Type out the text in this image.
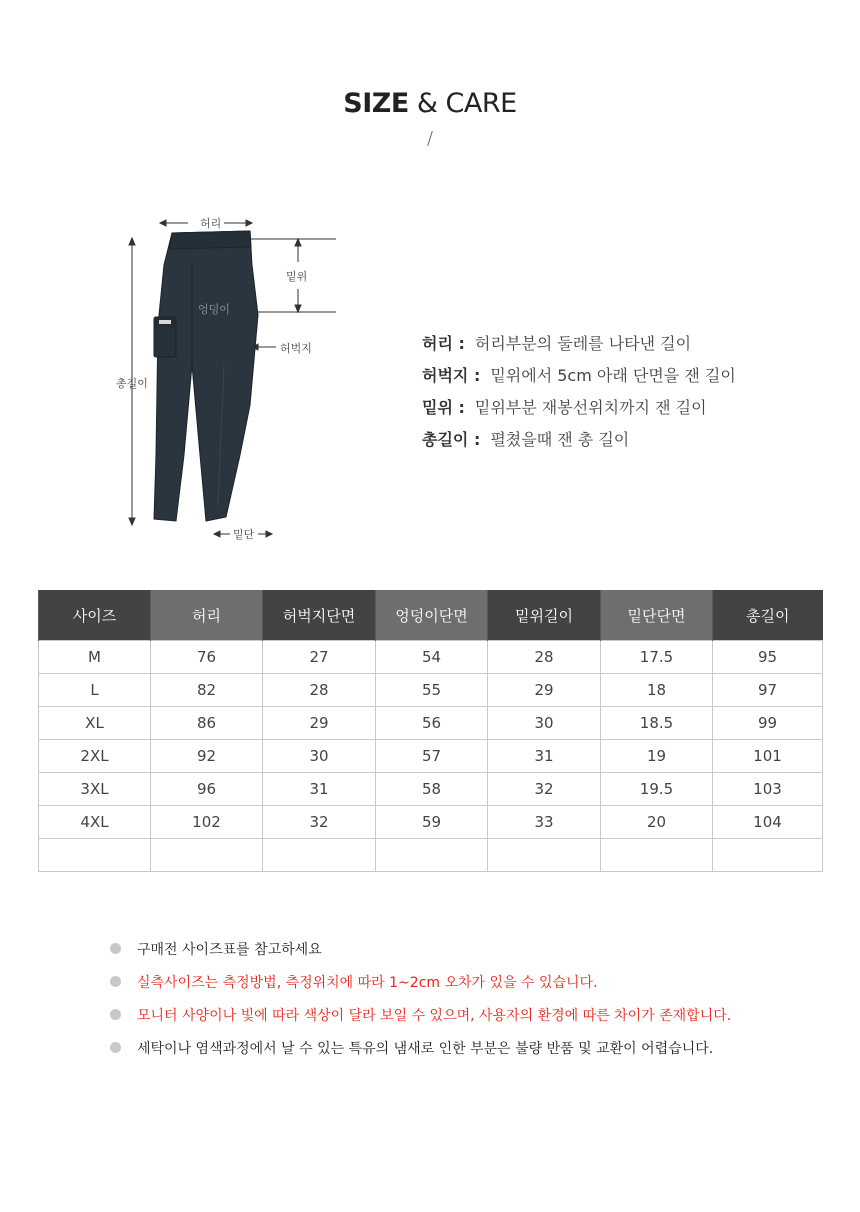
SIZE & CARE
/
허리
밑위
엉덩이
허벅지
총길이
밑단
허리 : 허리부분의 둘레를 나타낸 길이
허벅지 : 밑위에서 5cm 아래 단면을 잰 길이
밑위 : 밑위부분 재봉선위치까지 잰 길이
총길이 : 펼쳤을때 잰 총 길이
사이즈	허리	허벅지단면	엉덩이단면	밑위길이	밑단단면	총길이
M	76	27	54	28	17.5	95
L	82	28	55	29	18	97
XL	86	29	56	30	18.5	99
2XL	92	30	57	31	19	101
3XL	96	31	58	32	19.5	103
4XL	102	32	59	33	20	104

구매전 사이즈표를 참고하세요
실측사이즈는 측정방법, 측정위치에 따라 1~2cm 오차가 있을 수 있습니다.
모니터 사양이나 빛에 따라 색상이 달라 보일 수 있으며, 사용자의 환경에 따른 차이가 존재합니다.
세탁이나 염색과정에서 날 수 있는 특유의 냄새로 인한 부분은 불량 반품 및 교환이 어렵습니다.
